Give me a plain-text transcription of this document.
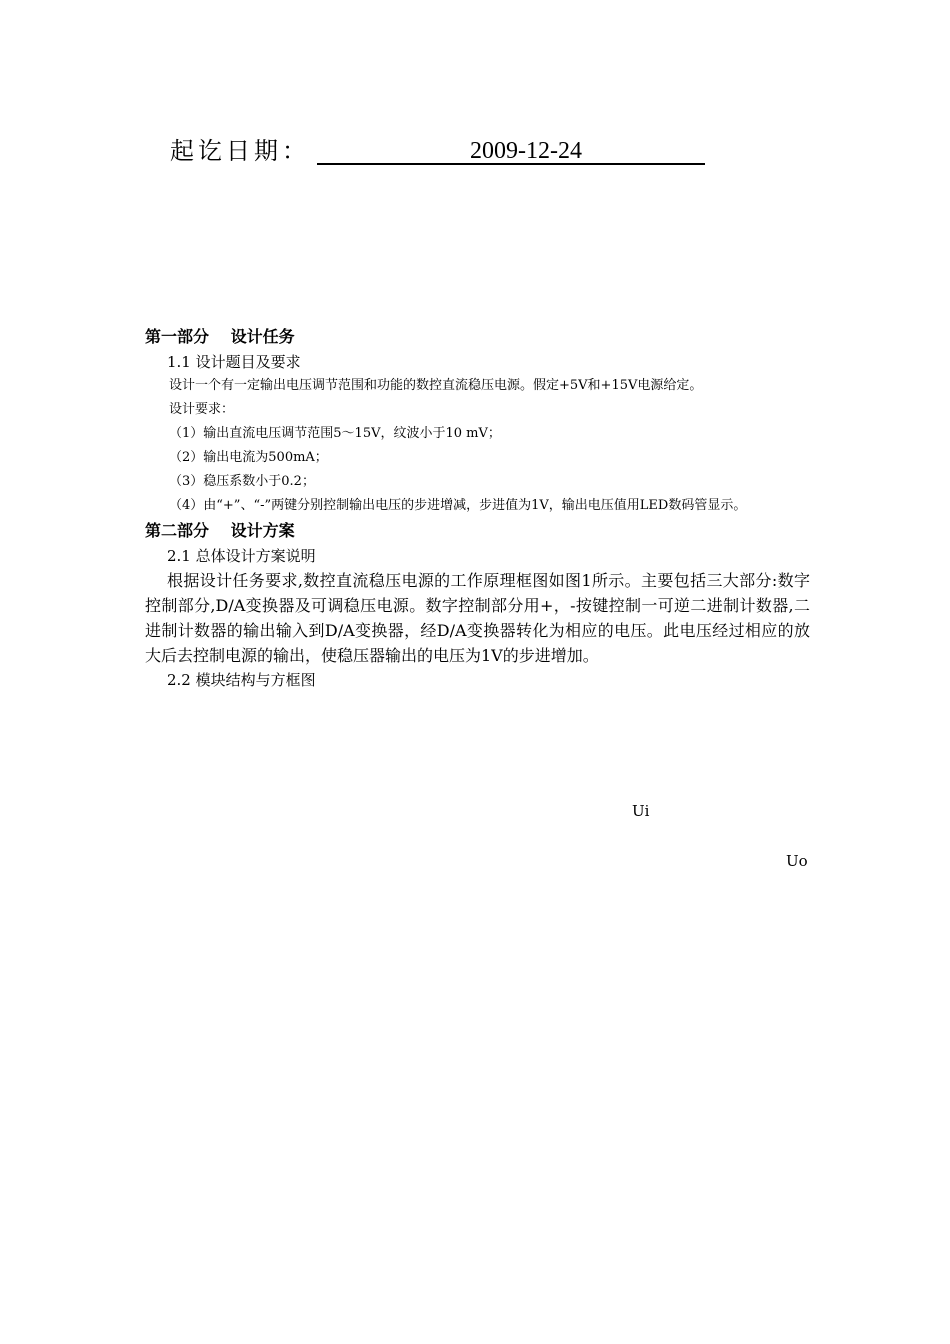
起讫日期：	2009-12-24

第一部分　 设计任务

1.1 设计题目及要求

设计一个有一定输出电压调节范围和功能的数控直流稳压电源。假定+5V和+15V电源给定。

设计要求：

（1）输出直流电压调节范围5～15V，纹波小于10 mV；

（2）输出电流为500mA；

（3）稳压系数小于0.2；

（4）由“+”、“-”两键分别控制输出电压的步进增减，步进值为1V，输出电压值用LED数码管显示。

第二部分　 设计方案

2.1 总体设计方案说明

根据设计任务要求,数控直流稳压电源的工作原理框图如图1所示。主要包括三大部分:数字控制部分,D/A变换器及可调稳压电源。数字控制部分用+，-按键控制一可逆二进制计数器,二进制计数器的输出输入到D/A变换器，经D/A变换器转化为相应的电压。此电压经过相应的放大后去控制电源的输出，使稳压器输出的电压为1V的步进增加。

2.2 模块结构与方框图

Ui
Uo
